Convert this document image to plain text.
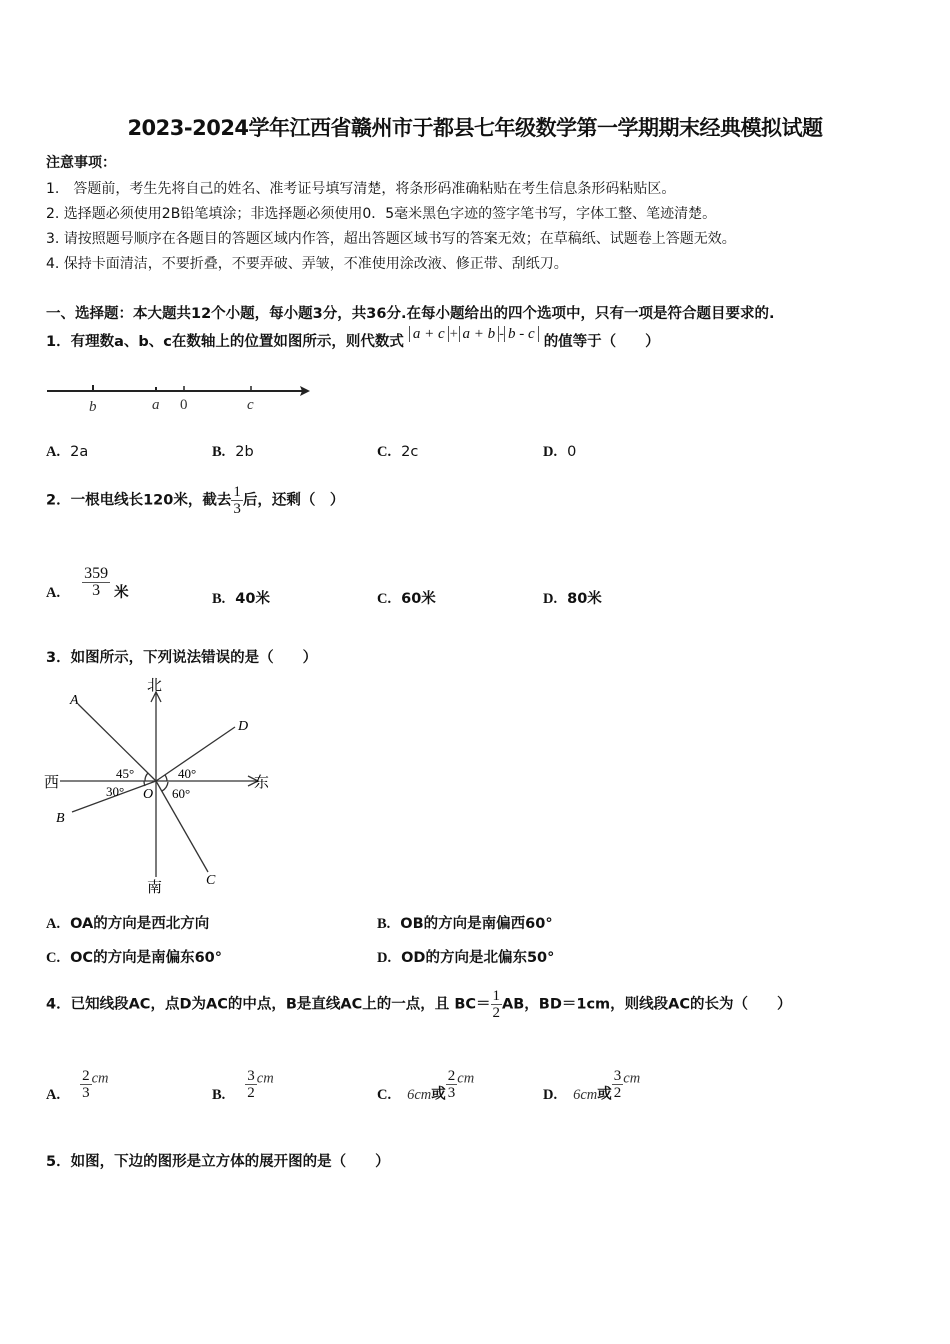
2023-2024学年江西省赣州市于都县七年级数学第一学期期末经典模拟试题
注意事项：
1.　答题前，考生先将自己的姓名、准考证号填写清楚，将条形码准确粘贴在考生信息条形码粘贴区。
2. 选择题必须使用2B铅笔填涂；非选择题必须使用0．5毫米黑色字迹的签字笔书写，字体工整、笔迹清楚。
3. 请按照题号顺序在各题目的答题区域内作答，超出答题区域书写的答案无效；在草稿纸、试题卷上答题无效。
4. 保持卡面清洁，不要折叠，不要弄破、弄皱，不准使用涂改液、修正带、刮纸刀。
一、选择题：本大题共12个小题，每小题3分，共36分.在每小题给出的四个选项中，只有一项是符合题目要求的.
1．有理数a、b、c在数轴上的位置如图所示，则代数式 a + c + a + b - b - c 的值等于（　　）
b	a 0	c
A. 2a	B. 2b	C. 2c	D. 0
2．一根电线长120米，截去 $\frac{1}{3}$ 后，还剩（　）
A. $\frac{359}{3}$ 米	B. 40米	C. 60米	D. 80米
3．如图所示，下列说法错误的是（　　）
北
南
西	东
A
B
C
D
O
45°	40°
30°	60°
A. OA的方向是西北方向	B. OB的方向是南偏西60°
C. OC的方向是南偏东60°	D. OD的方向是北偏东50°
4．已知线段AC，点D为AC的中点，B是直线AC上的一点，且 $BC= \frac{1}{2}$ AB，BD＝1cm，则线段AC的长为（　　）
A. $\frac{2}{3}$ cm
B. $\frac{3}{2}$ cm
C. 6cm或 $\frac{2}{3}$ cm
D. 6cm或 $\frac{3}{2}$ cm
5．如图，下边的图形是立方体的展开图的是（　　）
